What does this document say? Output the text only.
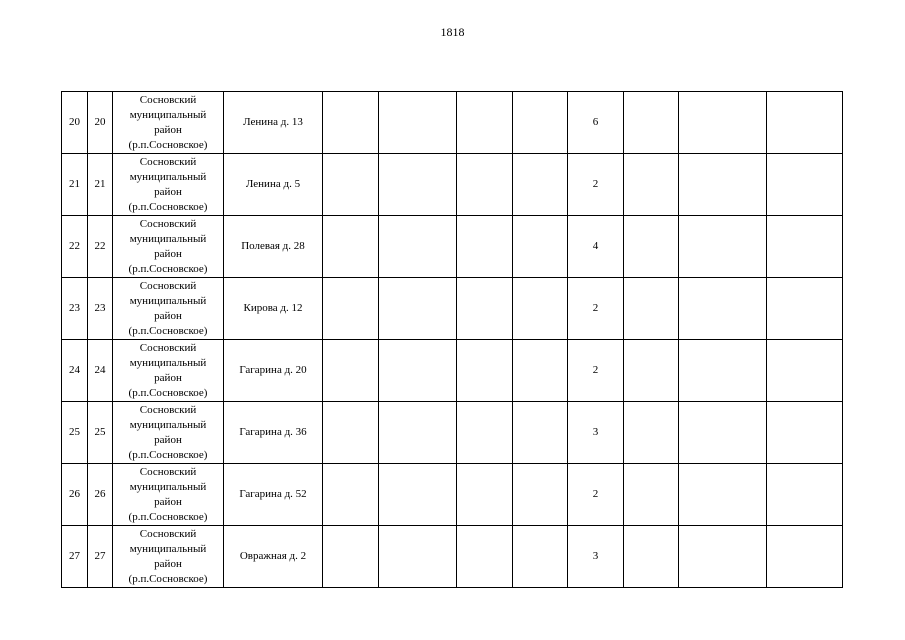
1818
20	20	Сосновский
муниципальный
район
(р.п.Сосновское)	Ленина д. 13					6			
21	21	Сосновский
муниципальный
район
(р.п.Сосновское)	Ленина д. 5					2			
22	22	Сосновский
муниципальный
район
(р.п.Сосновское)	Полевая д. 28					4			
23	23	Сосновский
муниципальный
район
(р.п.Сосновское)	Кирова д. 12					2			
24	24	Сосновский
муниципальный
район
(р.п.Сосновское)	Гагарина д. 20					2			
25	25	Сосновский
муниципальный
район
(р.п.Сосновское)	Гагарина д. 36					3			
26	26	Сосновский
муниципальный
район
(р.п.Сосновское)	Гагарина д. 52					2			
27	27	Сосновский
муниципальный
район
(р.п.Сосновское)	Овражная д. 2					3			
